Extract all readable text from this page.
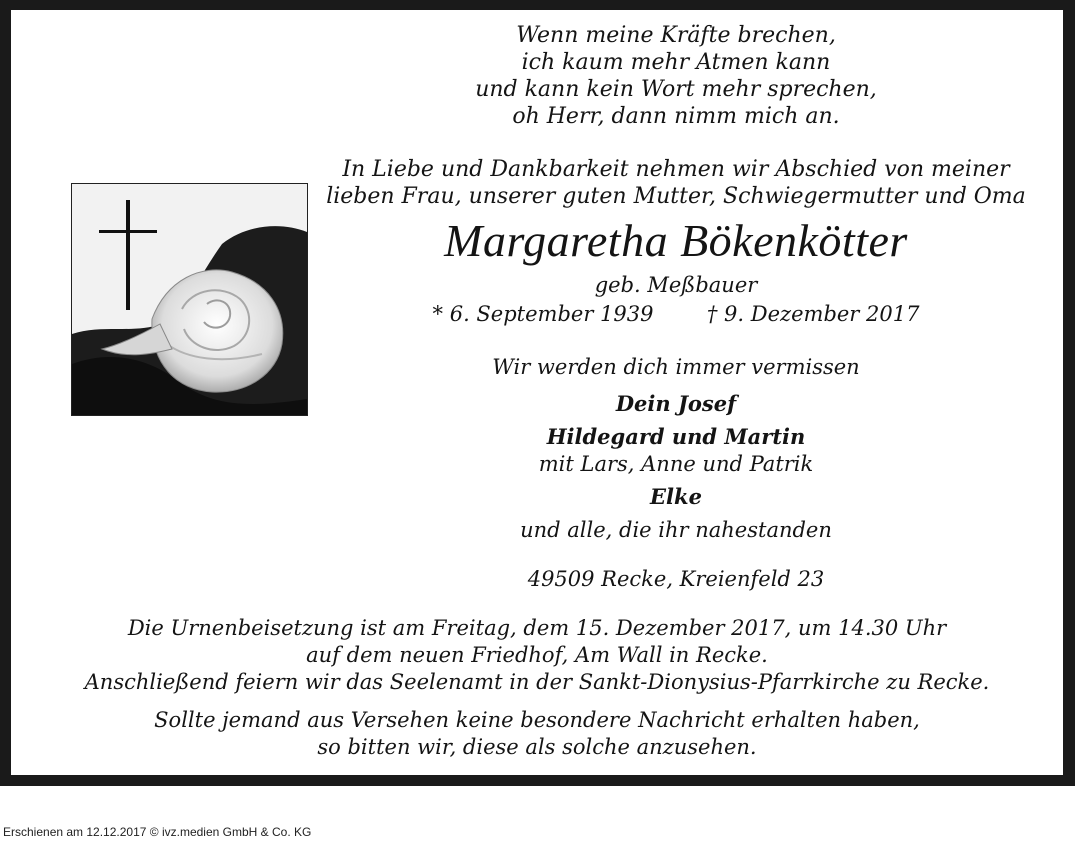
Wenn meine Kräfte brechen,
ich kaum mehr Atmen kann
und kann kein Wort mehr sprechen,
oh Herr, dann nimm mich an.
In Liebe und Dankbarkeit nehmen wir Abschied von meiner
lieben Frau, unserer guten Mutter, Schwiegermutter und Oma
Margaretha Bökenkötter
geb. Meßbauer
* 6. September 1939        † 9. Dezember 2017
Wir werden dich immer vermissen
Dein Josef
Hildegard und Martin
mit Lars, Anne und Patrik
Elke
und alle, die ihr nahestanden
49509 Recke, Kreienfeld 23
Die Urnenbeisetzung ist am Freitag, dem 15. Dezember 2017, um 14.30 Uhr
auf dem neuen Friedhof, Am Wall in Recke.
Anschließend feiern wir das Seelenamt in der Sankt-Dionysius-Pfarrkirche zu Recke.
Sollte jemand aus Versehen keine besondere Nachricht erhalten haben,
so bitten wir, diese als solche anzusehen.
Erschienen am 12.12.2017 © ivz.medien GmbH & Co. KG
